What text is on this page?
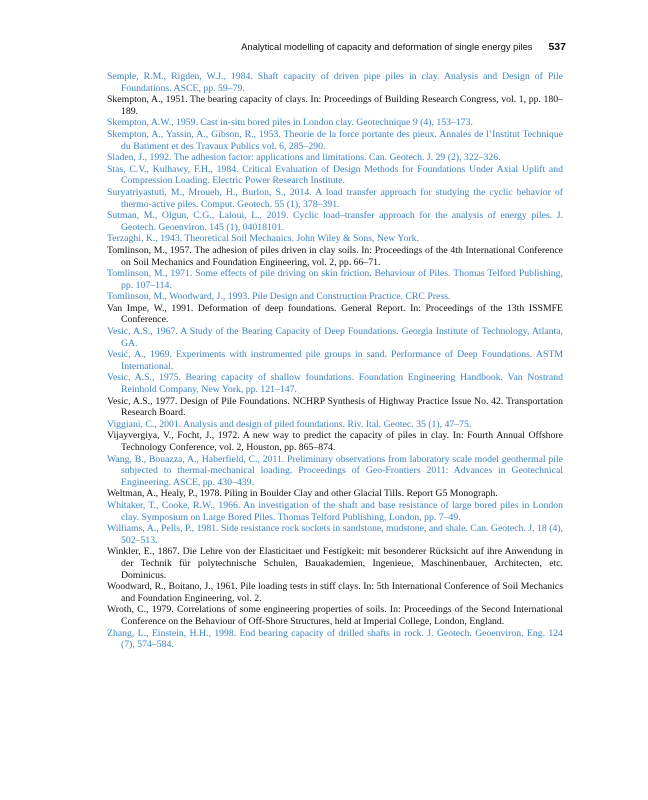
Analytical modelling of capacity and deformation of single energy piles 537
Semple, R.M., Rigden, W.J., 1984. Shaft capacity of driven pipe piles in clay. Analysis and Design of Pile Foundations. ASCE, pp. 59–79.
Skempton, A., 1951. The bearing capacity of clays. In: Proceedings of Building Research Congress, vol. 1, pp. 180–189.
Skempton, A.W., 1959. Cast in-situ bored piles in London clay. Geotechnique 9 (4), 153–173.
Skempton, A., Yassin, A., Gibson, R., 1953. Theorie de la force portante des pieux. Annales de l’Institut Technique du Batiment et des Travaux Publics vol. 6, 285–290.
Sladen, J., 1992. The adhesion factor: applications and limitations. Can. Geotech. J. 29 (2), 322–326.
Stas, C.V., Kulhawy, F.H., 1984. Critical Evaluation of Design Methods for Foundations Under Axial Uplift and Compression Loading. Electric Power Research Institute.
Suryatriyastuti, M., Mroueh, H., Burlon, S., 2014. A load transfer approach for studying the cyclic behavior of thermo-active piles. Comput. Geotech. 55 (1), 378–391.
Sutman, M., Olgun, C.G., Laloui, L., 2019. Cyclic load–transfer approach for the analysis of energy piles. J. Geotech. Geoenviron. 145 (1), 04018101.
Terzaghi, K., 1943. Theoretical Soil Mechanics. John Wiley & Sons, New York.
Tomlinson, M., 1957. The adhesion of piles driven in clay soils. In: Proceedings of the 4th International Conference on Soil Mechanics and Foundation Engineering, vol. 2, pp. 66–71.
Tomlinson, M., 1971. Some effects of pile driving on skin friction. Behaviour of Piles. Thomas Telford Publishing, pp. 107–114.
Tomlinson, M., Woodward, J., 1993. Pile Design and Construction Practice. CRC Press.
Van Impe, W., 1991. Deformation of deep foundations. General Report. In: Proceedings of the 13th ISSMFE Conference.
Vesic, A.S., 1967. A Study of the Bearing Capacity of Deep Foundations. Georgia Institute of Technology, Atlanta, GA.
Vesić, A., 1969. Experiments with instrumented pile groups in sand. Performance of Deep Foundations. ASTM International.
Vesic, A.S., 1975. Bearing capacity of shallow foundations. Foundation Engineering Handbook. Van Nostrand Reinhold Company, New York, pp. 121–147.
Vesic, A.S., 1977. Design of Pile Foundations. NCHRP Synthesis of Highway Practice Issue No. 42. Transportation Research Board.
Viggiani, C., 2001. Analysis and design of piled foundations. Riv. Ital. Geotec. 35 (1), 47–75.
Vijayvergiya, V., Focht, J., 1972. A new way to predict the capacity of piles in clay. In: Fourth Annual Offshore Technology Conference, vol. 2, Houston, pp. 865–874.
Wang, B., Bouazza, A., Haberfield, C., 2011. Preliminary observations from laboratory scale model geothermal pile subjected to thermal-mechanical loading. Proceedings of Geo-Frontiers 2011: Advances in Geotechnical Engineering. ASCE, pp. 430–439.
Weltman, A., Healy, P., 1978. Piling in Boulder Clay and other Glacial Tills. Report G5 Monograph.
Whitaker, T., Cooke, R.W., 1966. An investigation of the shaft and base resistance of large bored piles in London clay. Symposium on Large Bored Piles. Thomas Telford Publishing, London, pp. 7–49.
Williams, A., Pells, P., 1981. Side resistance rock sockets in sandstone, mudstone, and shale. Can. Geotech. J. 18 (4), 502–513.
Winkler, E., 1867. Die Lehre von der Elasticitaet und Festigkeit: mit besonderer Rücksicht auf ihre Anwendung in der Technik für polytechnische Schulen, Bauakademien, Ingenieue, Maschinenbauer, Architecten, etc. Dominicus.
Woodward, R., Boitano, J., 1961. Pile loading tests in stiff clays. In: 5th International Conference of Soil Mechanics and Foundation Engineering, vol. 2.
Wroth, C., 1979. Correlations of some engineering properties of soils. In: Proceedings of the Second International Conference on the Behaviour of Off-Shore Structures, held at Imperial College, London, England.
Zhang, L., Einstein, H.H., 1998. End bearing capacity of drilled shafts in rock. J. Geotech. Geoenviron. Eng. 124 (7), 574–584.
